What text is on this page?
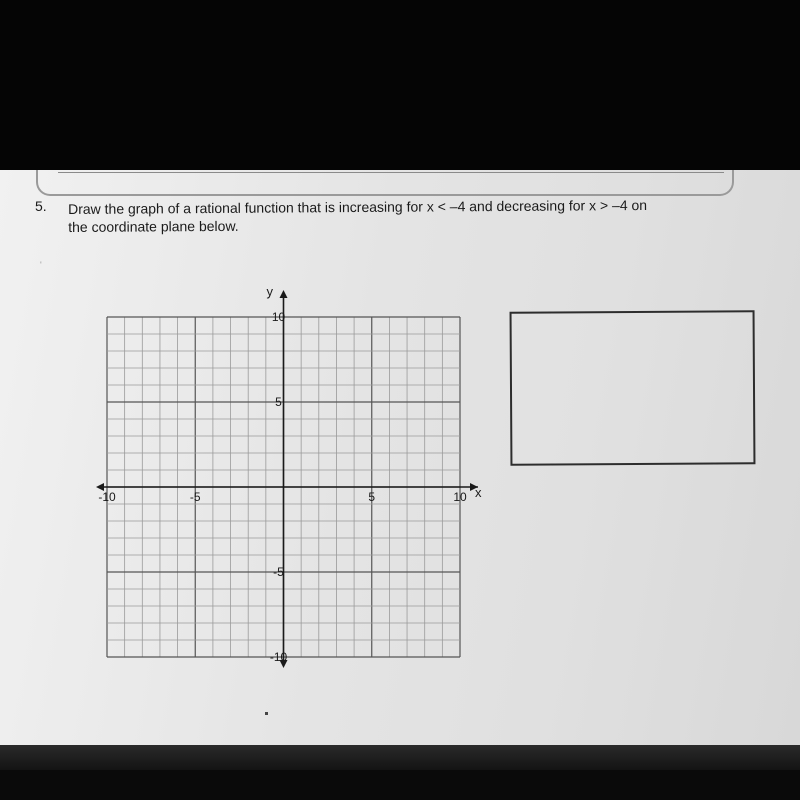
5. Draw the graph of a rational function that is increasing for x < –4 and decreasing for x > –4 on
the coordinate plane below.
'
x
y
-10	-5	5	10
10
5
-5
-10
